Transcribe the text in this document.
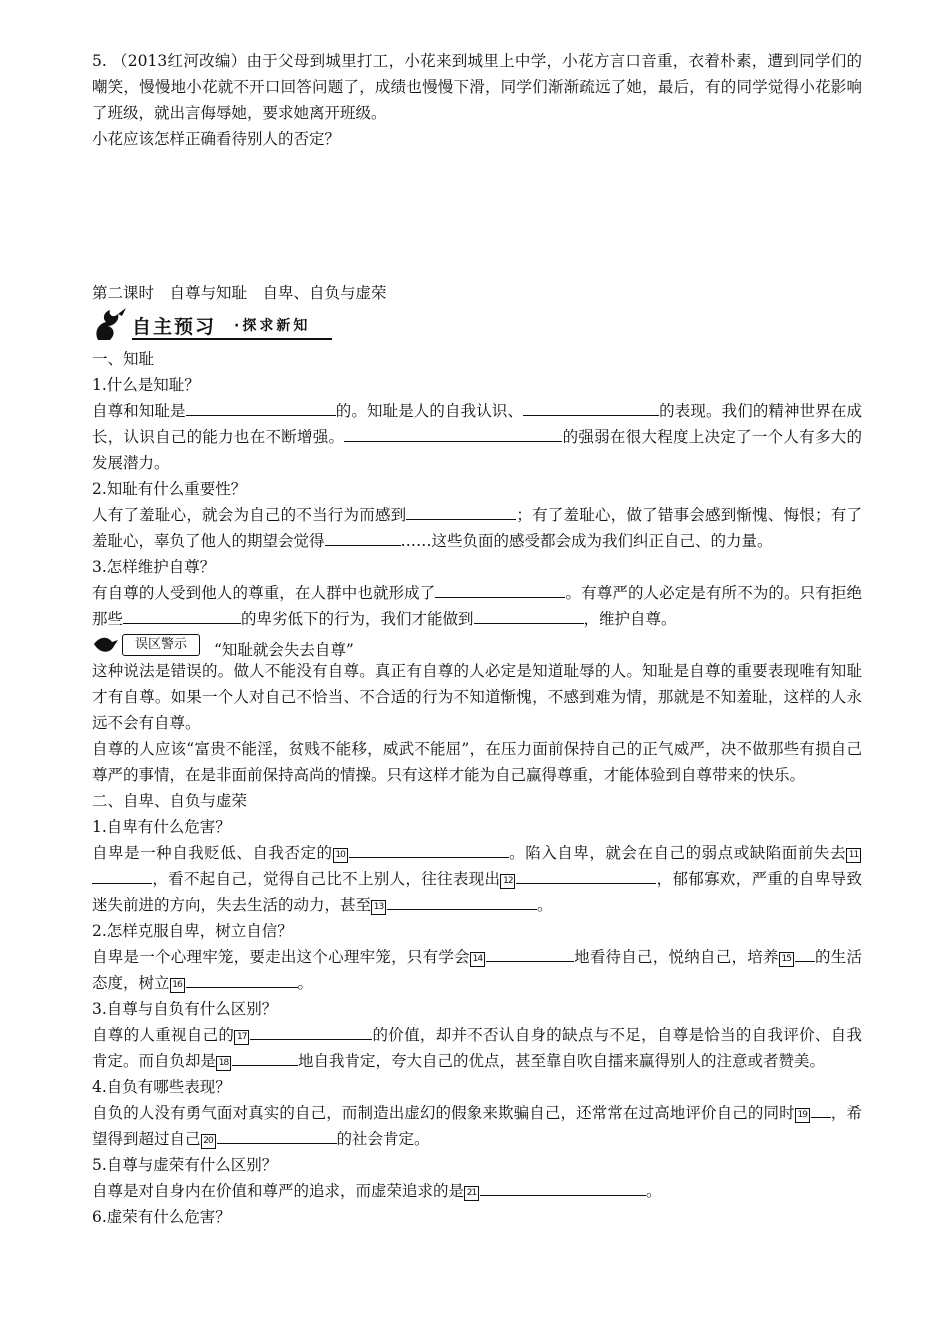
5. （2013红河改编）由于父母到城里打工，小花来到城里上中学，小花方言口音重，衣着朴素，遭到同学们的嘲笑，慢慢地小花就不开口回答问题了，成绩也慢慢下滑，同学们渐渐疏远了她，最后，有的同学觉得小花影响了班级，就出言侮辱她，要求她离开班级。

小花应该怎样正确看待别人的否定？

第二课时　自尊与知耻　自卑、自负与虚荣

自主预习 ·探求新知

一、知耻

1.什么是知耻？

自尊和知耻是	的。知耻是人的自我认识、	的表现。我们的精神世界在成长，认识自己的能力也在不断增强。	的强弱在很大程度上决定了一个人有多大的发展潜力。

2.知耻有什么重要性？

人有了羞耻心，就会为自己的不当行为而感到	；有了羞耻心，做了错事会感到惭愧、悔恨；有了羞耻心，辜负了他人的期望会觉得	……这些负面的感受都会成为我们纠正自己、的力量。

3.怎样维护自尊？

有自尊的人受到他人的尊重，在人群中也就形成了	。有尊严的人必定是有所不为的。只有拒绝那些	的卑劣低下的行为，我们才能做到	，维护自尊。

误区警示	“知耻就会失去自尊”

这种说法是错误的。做人不能没有自尊。真正有自尊的人必定是知道耻辱的人。知耻是自尊的重要表现唯有知耻才有自尊。如果一个人对自己不恰当、不合适的行为不知道惭愧，不感到难为情，那就是不知羞耻，这样的人永远不会有自尊。

自尊的人应该“富贵不能淫，贫贱不能移，威武不能屈”，在压力面前保持自己的正气威严，决不做那些有损自己尊严的事情，在是非面前保持高尚的情操。只有这样才能为自己赢得尊重，才能体验到自尊带来的快乐。

二、自卑、自负与虚荣

1.自卑有什么危害？

自卑是一种自我贬低、自我否定的 10	。陷入自卑，就会在自己的弱点或缺陷面前失去 11，看不起自己，觉得自己比不上别人，往往表现出 12	，郁郁寡欢，严重的自卑导致迷失前进的方向，失去生活的动力，甚至 13	。

2.怎样克服自卑，树立自信？

自卑是一个心理牢笼，要走出这个心理牢笼，只有学会 14	地看待自己，悦纳自己，培养 15 的生活态度，树立 16	。

3.自尊与自负有什么区别？

自尊的人重视自己的 17	的价值，却并不否认自身的缺点与不足，自尊是恰当的自我评价、自我肯定。而自负却是 18	地自我肯定，夸大自己的优点，甚至靠自吹自擂来赢得别人的注意或者赞美。

4.自负有哪些表现？

自负的人没有勇气面对真实的自己，而制造出虚幻的假象来欺骗自己，还常常在过高地评价自己的同时 19 ，希望得到超过自己 20	的社会肯定。

5.自尊与虚荣有什么区别？

自尊是对自身内在价值和尊严的追求，而虚荣追求的是 21	。

6.虚荣有什么危害？
